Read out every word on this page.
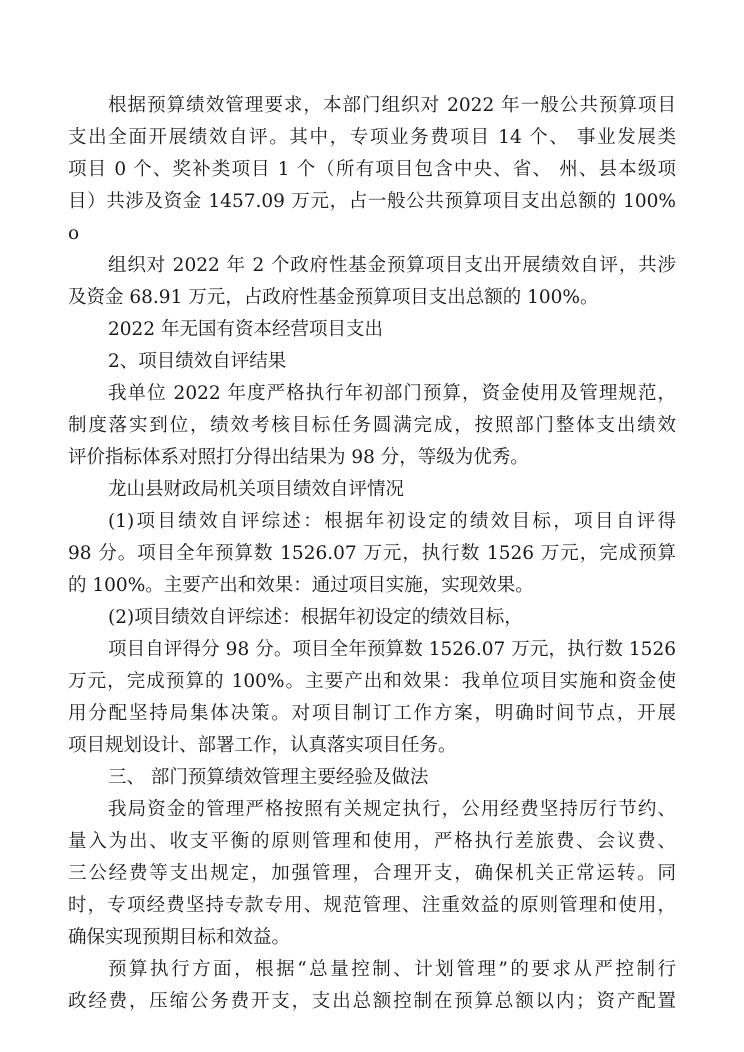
根据预算绩效管理要求，本部门组织对 2022 年一般公共预算项目

支出全面开展绩效自评。其中，专项业务费项目 14 个、 事业发展类

项目 0 个、奖补类项目 1 个（所有项目包含中央、省、 州、县本级项

目）共涉及资金 1457.09 万元，占一般公共预算项目支出总额的 100%

o

组织对 2022 年 2 个政府性基金预算项目支出开展绩效自评，共涉

及资金 68.91 万元，占政府性基金预算项目支出总额的 100%。

2022 年无国有资本经营项目支出

2、项目绩效自评结果

我单位 2022 年度严格执行年初部门预算，资金使用及管理规范，

制度落实到位，绩效考核目标任务圆满完成，按照部门整体支出绩效

评价指标体系对照打分得出结果为 98 分，等级为优秀。

龙山县财政局机关项目绩效自评情况

(1)项目绩效自评综述：根据年初设定的绩效目标，项目自评得

98 分。项目全年预算数 1526.07 万元，执行数 1526 万元，完成预算

的 100%。主要产出和效果：通过项目实施，实现效果。

(2)项目绩效自评综述：根据年初设定的绩效目标，

项目自评得分 98 分。项目全年预算数 1526.07 万元，执行数 1526

万元，完成预算的 100%。主要产出和效果：我单位项目实施和资金使

用分配坚持局集体决策。对项目制订工作方案，明确时间节点，开展

项目规划设计、部署工作，认真落实项目任务。

三、 部门预算绩效管理主要经验及做法

我局资金的管理严格按照有关规定执行，公用经费坚持厉行节约、

量入为出、收支平衡的原则管理和使用，严格执行差旅费、会议费、

三公经费等支出规定，加强管理，合理开支，确保机关正常运转。同

时，专项经费坚持专款专用、规范管理、注重效益的原则管理和使用，

确保实现预期目标和效益。

预算执行方面，根据“总量控制、计划管理”的要求从严控制行

政经费，压缩公务费开支，支出总额控制在预算总额以内；资产配置
